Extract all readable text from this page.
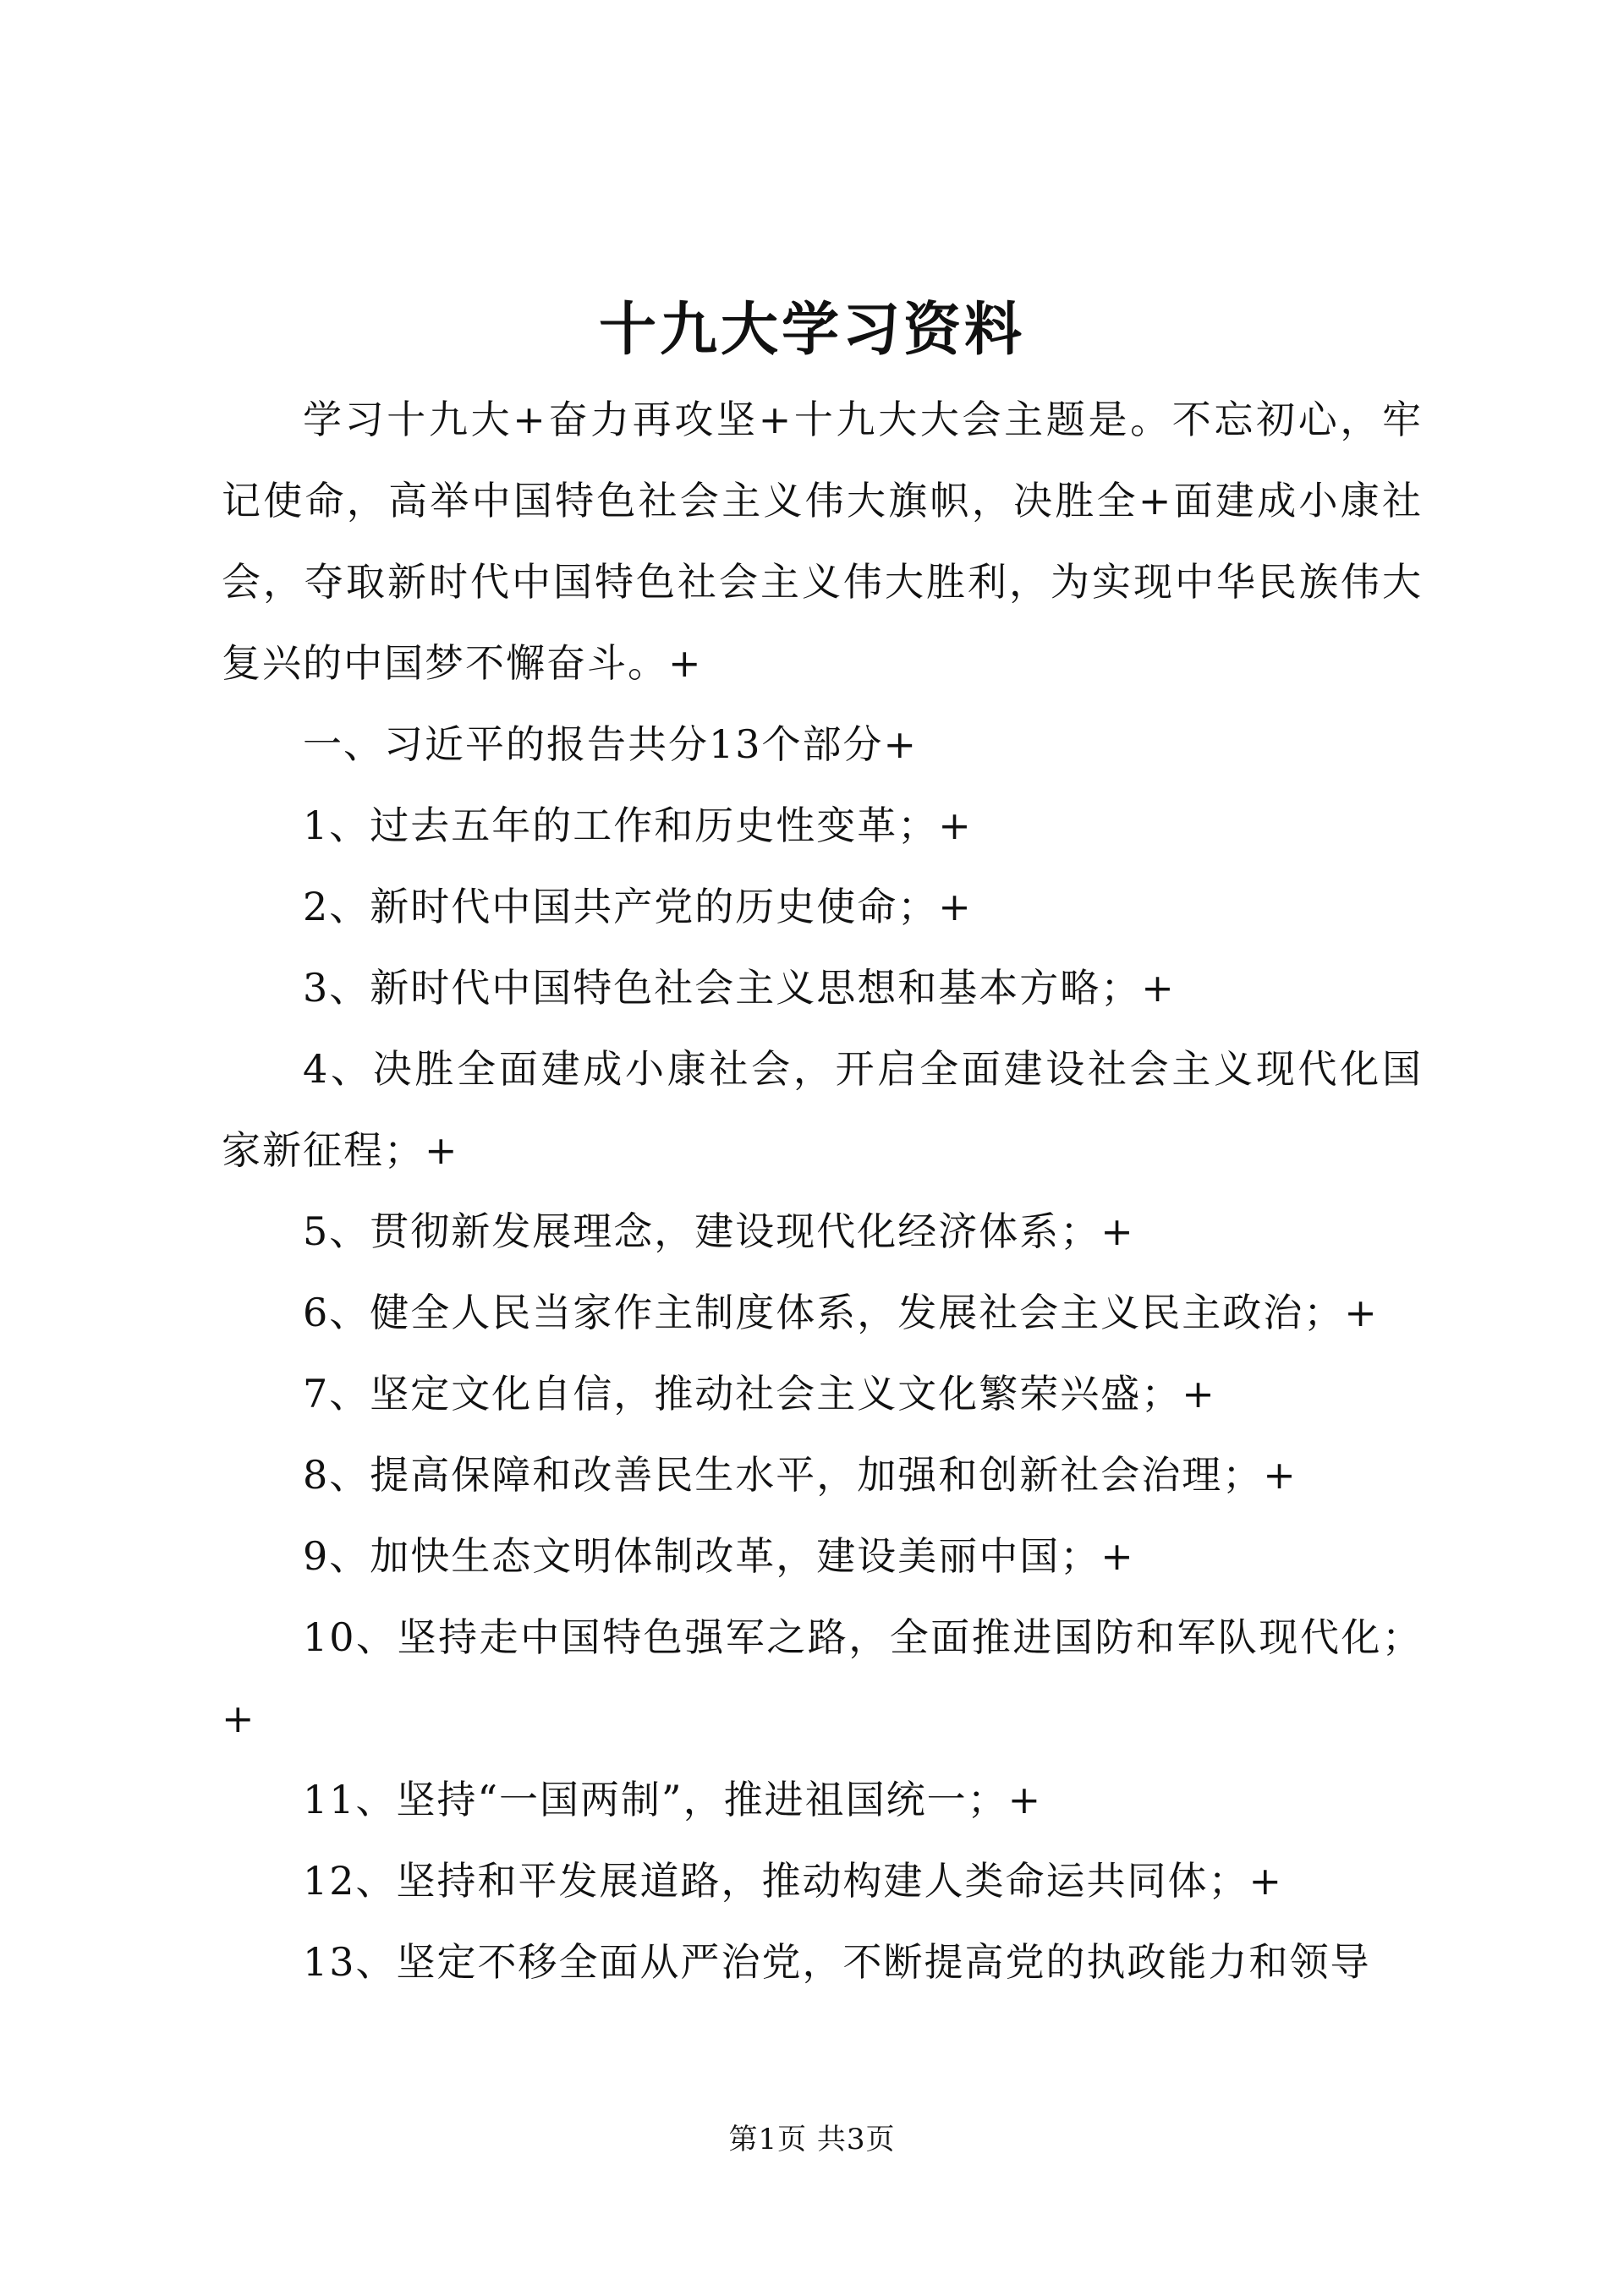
十九大学习资料

学习十九大+奋力再攻坚+十九大大会主题是。不忘初心，牢记使命，高举中国特色社会主义伟大旗帜，决胜全+面建成小康社会，夺取新时代中国特色社会主义伟大胜利，为实现中华民族伟大复兴的中国梦不懈奋斗。+

一、习近平的报告共分13个部分+

1、过去五年的工作和历史性变革；+

2、新时代中国共产党的历史使命；+

3、新时代中国特色社会主义思想和基本方略；+

4、决胜全面建成小康社会，开启全面建设社会主义现代化国家新征程；+

5、贯彻新发展理念，建设现代化经济体系；+

6、健全人民当家作主制度体系，发展社会主义民主政治；+

7、坚定文化自信，推动社会主义文化繁荣兴盛；+

8、提高保障和改善民生水平，加强和创新社会治理；+

9、加快生态文明体制改革，建设美丽中国；+

10、坚持走中国特色强军之路，全面推进国防和军队现代化；+

11、坚持“一国两制”，推进祖国统一；+

12、坚持和平发展道路，推动构建人类命运共同体；+

13、坚定不移全面从严治党，不断提高党的执政能力和领导

第1页 共3页
